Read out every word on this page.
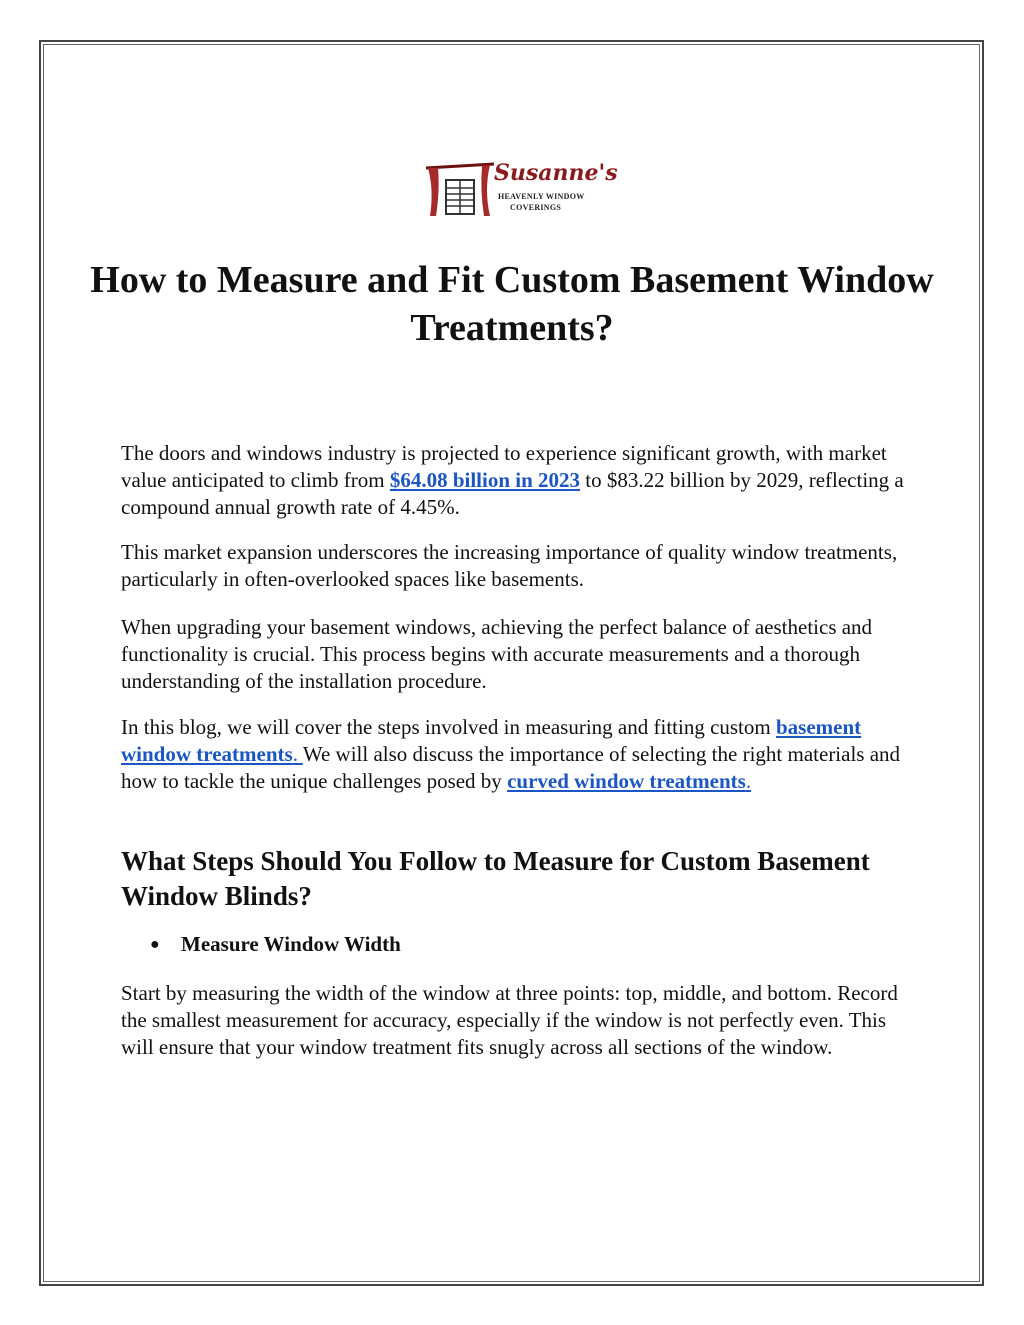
Susanne's
HEAVENLY WINDOW
COVERINGS
How to Measure and Fit Custom Basement Window Treatments?

The doors and windows industry is projected to experience significant growth, with market value anticipated to climb from $64.08 billion in 2023 to $83.22 billion by 2029, reflecting a compound annual growth rate of 4.45%.

This market expansion underscores the increasing importance of quality window treatments, particularly in often-overlooked spaces like basements.

When upgrading your basement windows, achieving the perfect balance of aesthetics and functionality is crucial. This process begins with accurate measurements and a thorough understanding of the installation procedure.

In this blog, we will cover the steps involved in measuring and fitting custom basement window treatments. We will also discuss the importance of selecting the right materials and how to tackle the unique challenges posed by curved window treatments.

What Steps Should You Follow to Measure for Custom Basement Window Blinds?
● Measure Window Width

Start by measuring the width of the window at three points: top, middle, and bottom. Record the smallest measurement for accuracy, especially if the window is not perfectly even. This will ensure that your window treatment fits snugly across all sections of the window.
